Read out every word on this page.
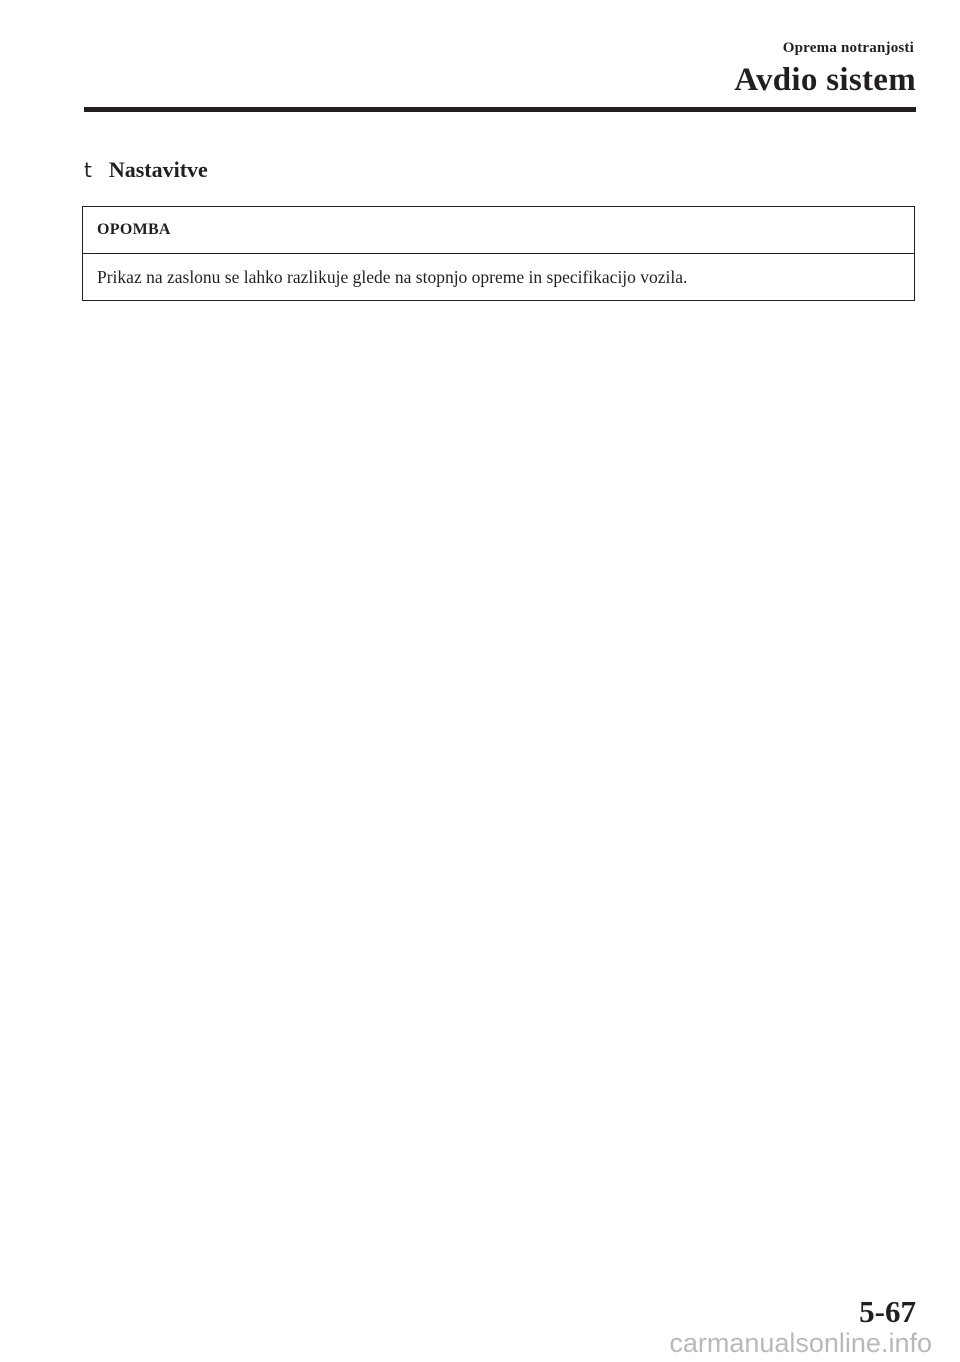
Oprema notranjosti
Avdio sistem
t Nastavitve
OPOMBA
Prikaz na zaslonu se lahko razlikuje glede na stopnjo opreme in specifikacijo vozila.
5-67
carmanualsonline.info
